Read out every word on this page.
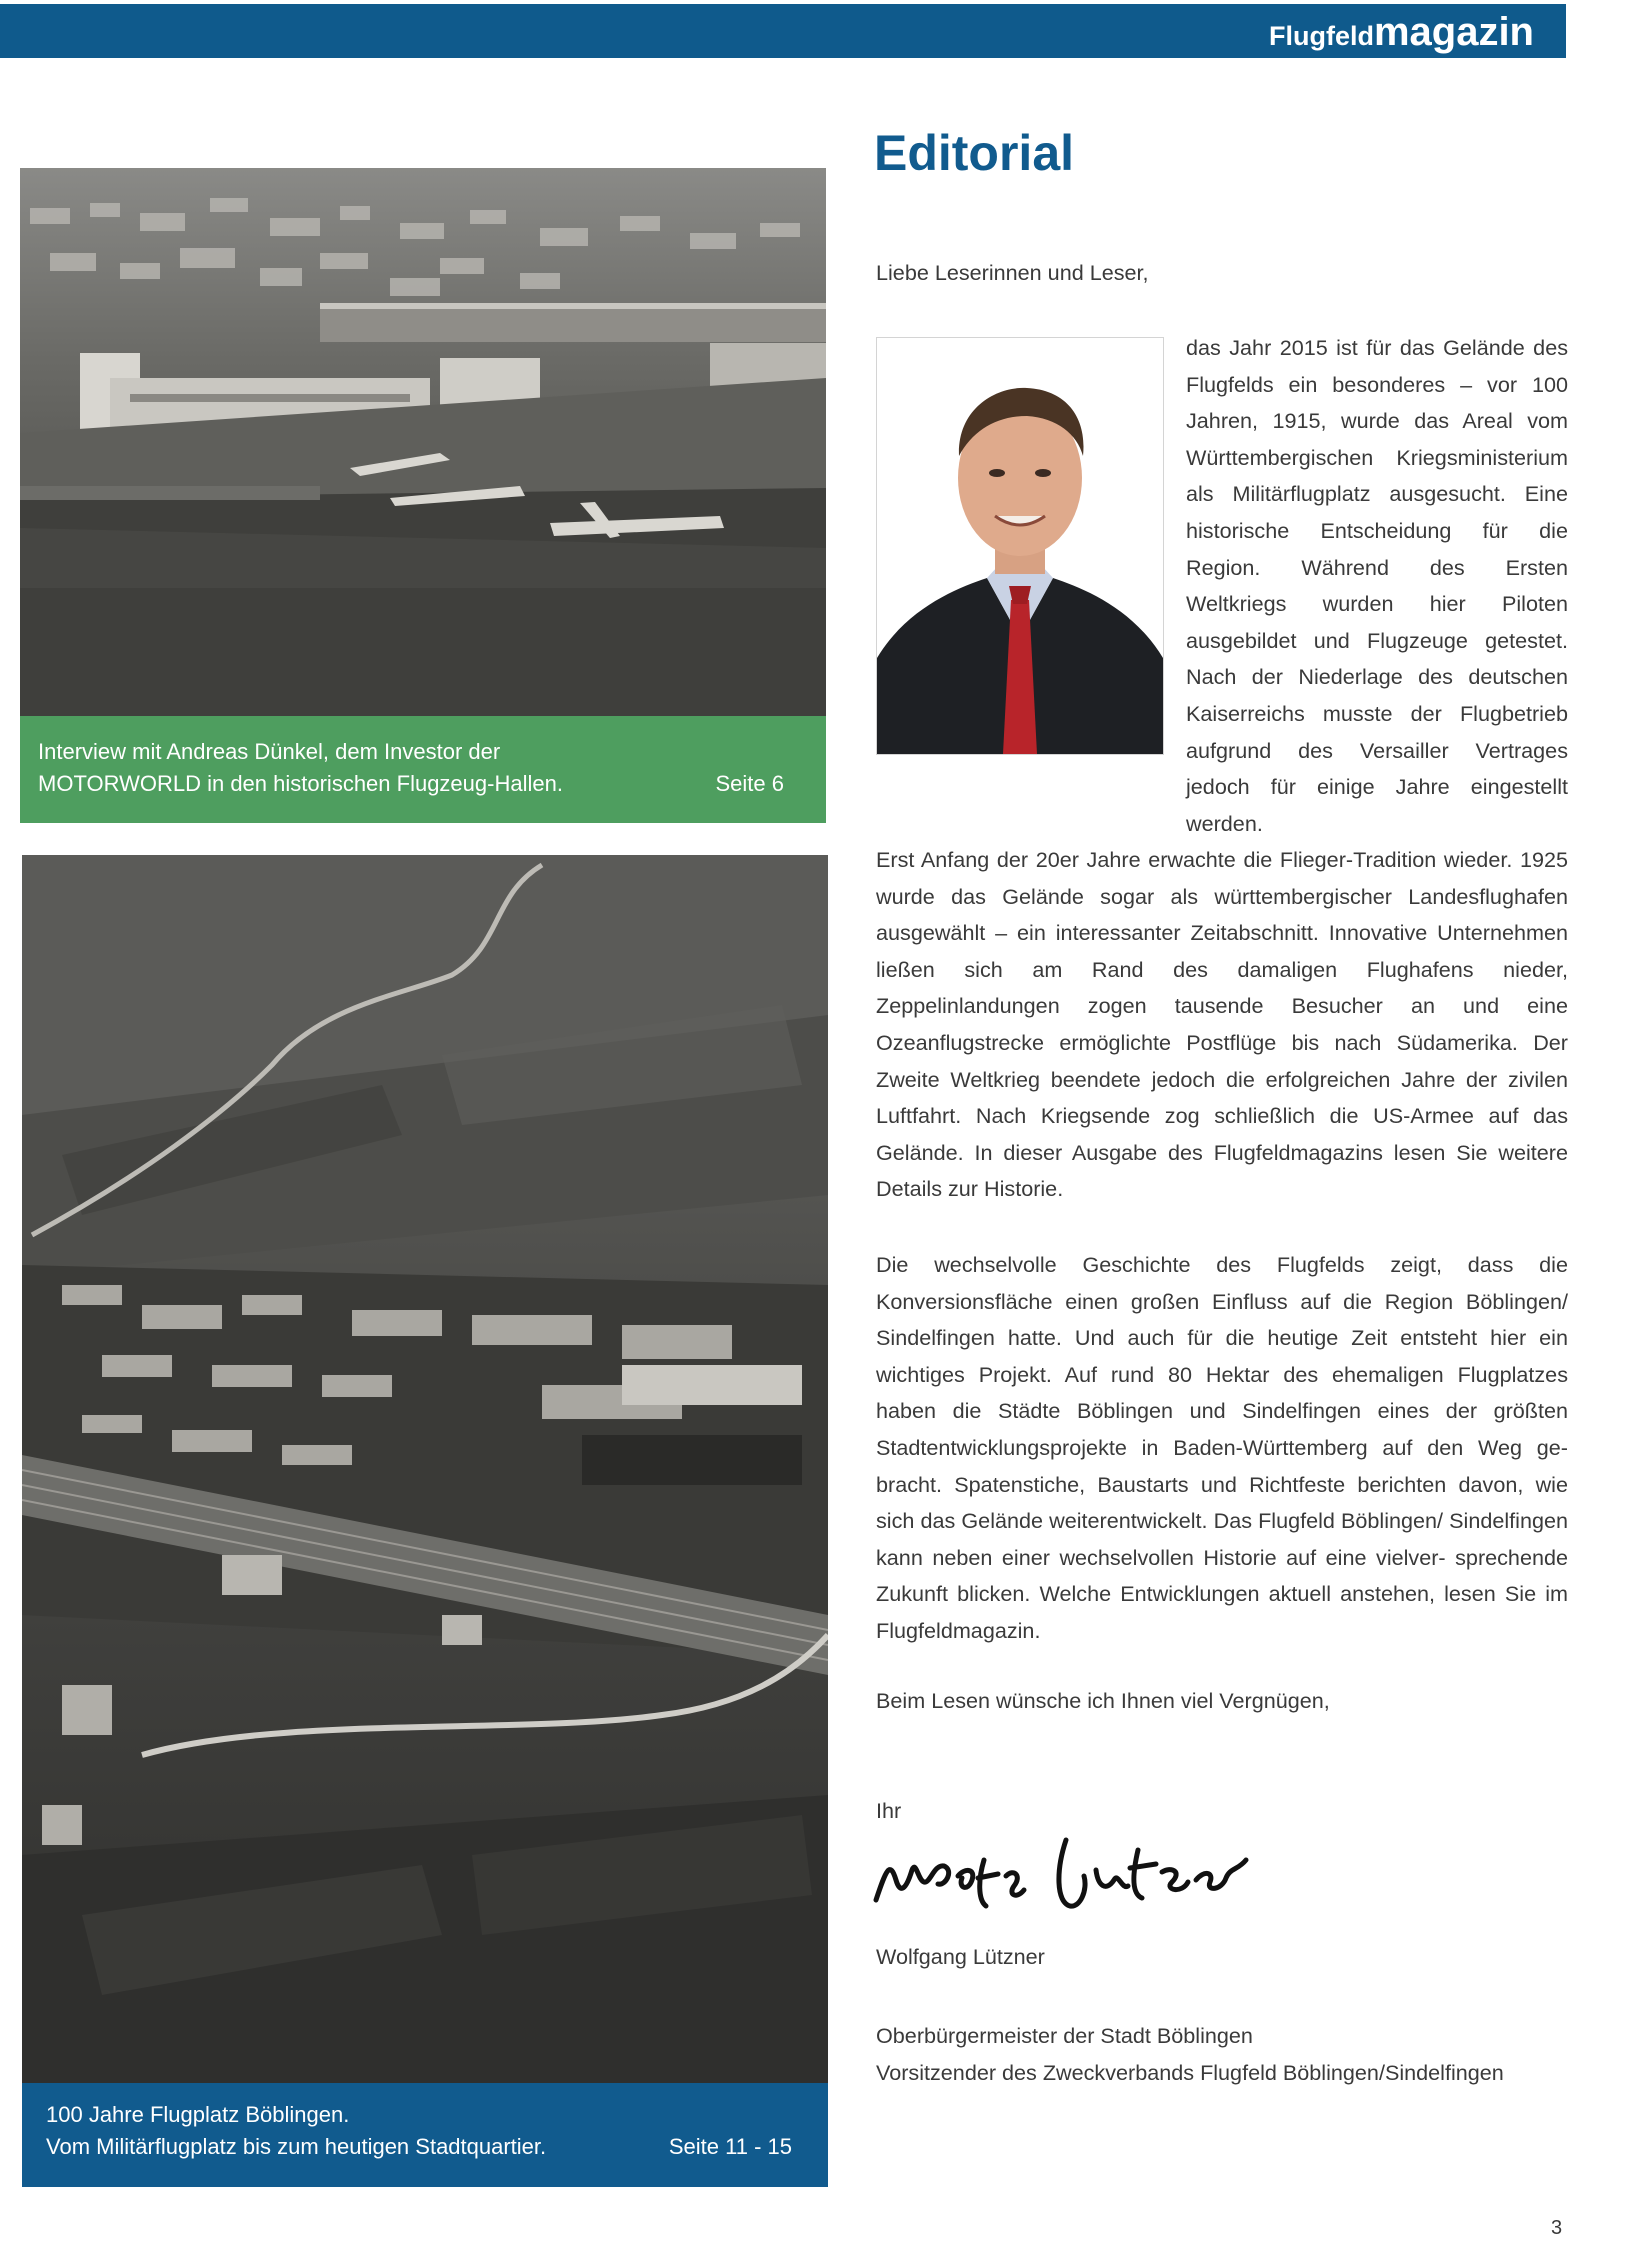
Flugfeldmagazin
Editorial
Interview mit Andreas Dünkel, dem Investor der
MOTORWORLD in den historischen Flugzeug-Hallen.	Seite 6
100 Jahre Flugplatz Böblingen.
Vom Militärflugplatz bis zum heutigen Stadtquartier.	Seite 11 - 15
Liebe Leserinnen und Leser,
das Jahr 2015 ist für das Gelände des Flugfelds ein besonderes – vor 100 Jahren, 1915, wurde das Areal vom Württembergischen Kriegsministerium als Militärflugplatz ausgesucht. Eine historische Entscheidung für die Region. Während des Ersten Weltkriegs wurden hier Piloten ausgebildet und Flugzeuge getestet. Nach der Niederlage des deutschen Kaiserreichs musste der Flugbetrieb aufgrund des Versailler Vertrages jedoch für einige Jahre eingestellt werden.
Erst Anfang der 20er Jahre erwachte die Flieger-Tradition wieder. 1925 wurde das Gelände sogar als württembergischer Landesflughafen ausgewählt – ein interessanter Zeitabschnitt. Innovative Unternehmen ließen sich am Rand des damaligen Flughafens nieder, Zeppelinlandungen zogen tausende Besucher an und eine Ozeanflugstrecke ermöglichte Postflüge bis nach Südamerika. Der Zweite Weltkrieg beendete jedoch die erfolgreichen Jahre der zivilen Luftfahrt. Nach Kriegsende zog schließlich die US-Armee auf das Gelände. In dieser Ausgabe des Flugfeldmagazins lesen Sie weitere Details zur Historie.
Die wechselvolle Geschichte des Flugfelds zeigt, dass die Konversionsfläche einen großen Einfluss auf die Region Böblingen/ Sindelfingen hatte. Und auch für die heutige Zeit entsteht hier ein wichtiges Projekt. Auf rund 80 Hektar des ehemaligen Flugplatzes haben die Städte Böblingen und Sindelfingen eines der größten Stadtentwicklungsprojekte in Baden-Württemberg auf den Weg ge- bracht. Spatenstiche, Baustarts und Richtfeste berichten davon, wie sich das Gelände weiterentwickelt. Das Flugfeld Böblingen/ Sindelfingen kann neben einer wechselvollen Historie auf eine vielver- sprechende Zukunft blicken. Welche Entwicklungen aktuell anstehen, lesen Sie im Flugfeldmagazin.
Beim Lesen wünsche ich Ihnen viel Vergnügen,
Ihr
Wolfgang Lützner
Oberbürgermeister der Stadt Böblingen
Vorsitzender des Zweckverbands Flugfeld Böblingen/Sindelfingen
3
